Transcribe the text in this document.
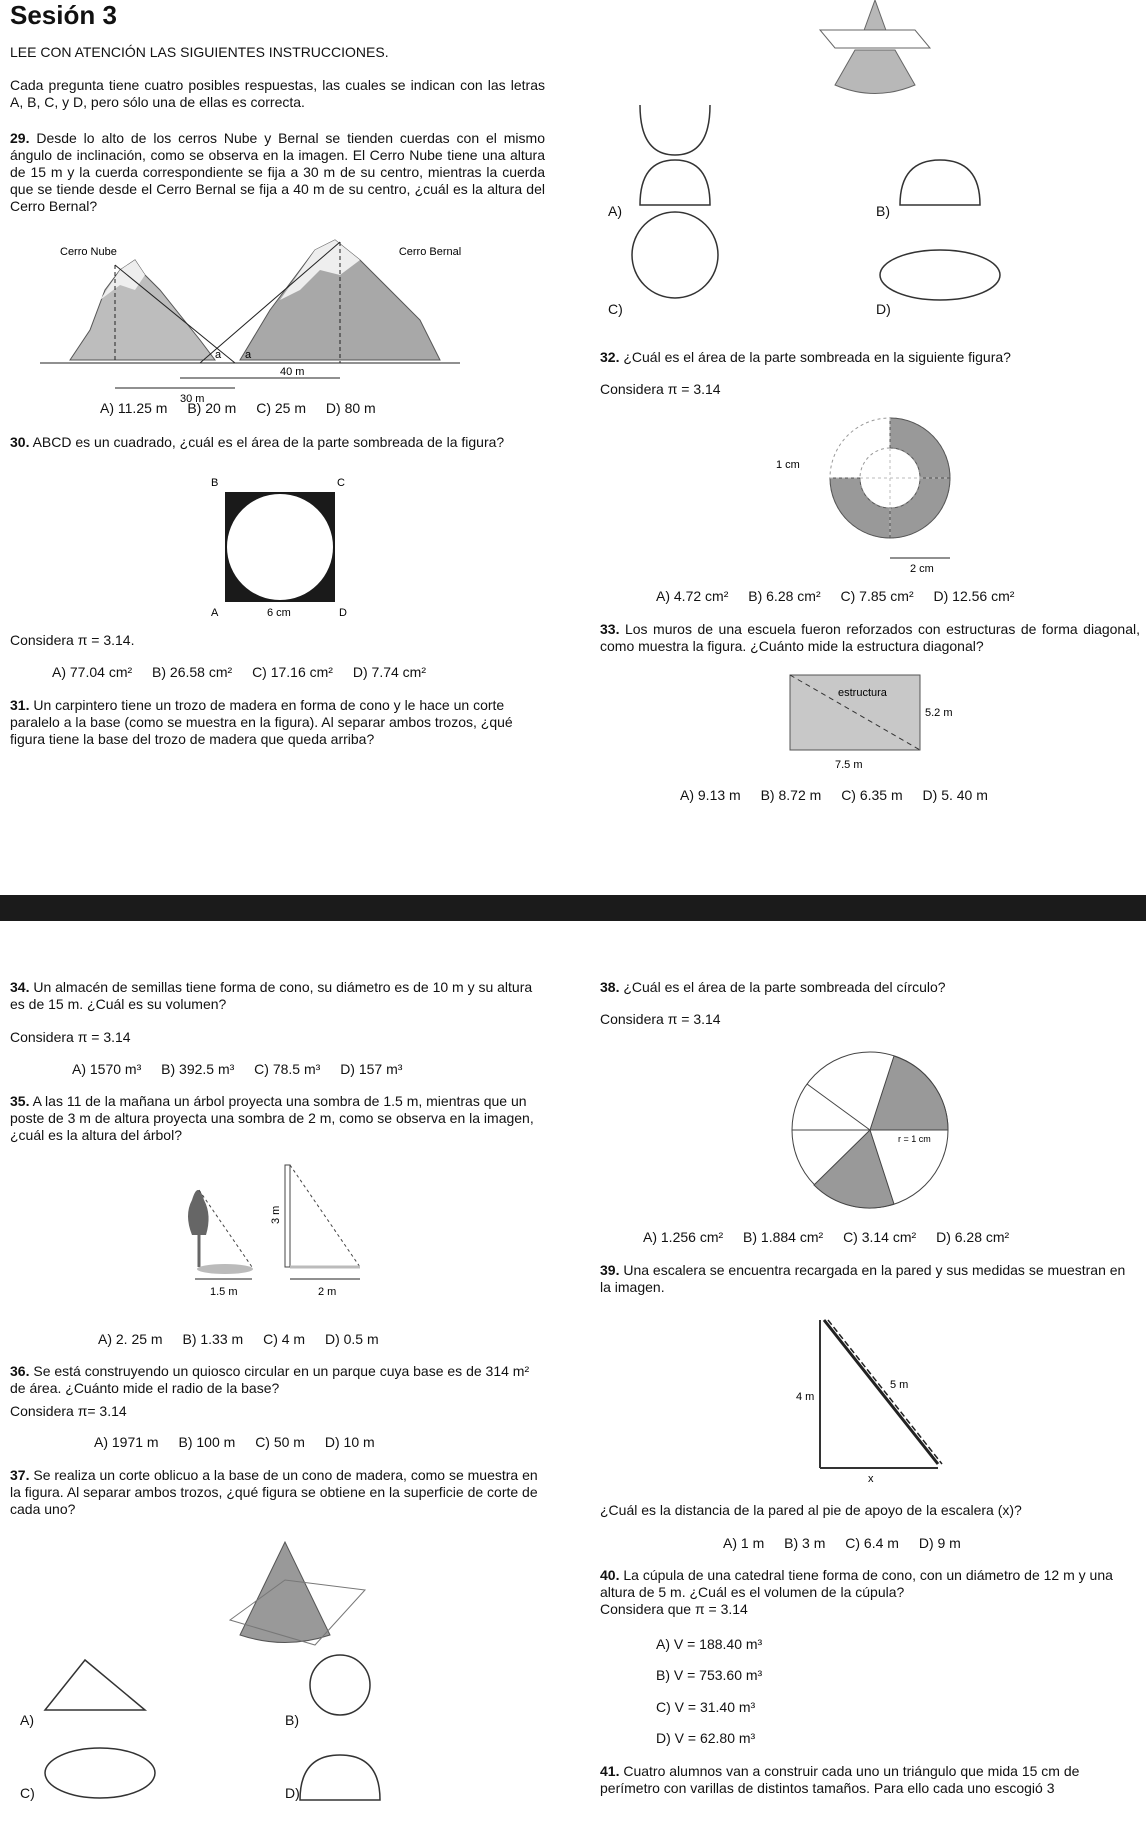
Sesión 3
LEE CON ATENCIÓN LAS SIGUIENTES INSTRUCCIONES.
Cada pregunta tiene cuatro posibles respuestas, las cuales se indican con las letras A, B, C, y D, pero sólo una de ellas es correcta.
29. Desde lo alto de los cerros Nube y Bernal se tienden cuerdas con el mismo ángulo de inclinación, como se observa en la imagen. El Cerro Nube tiene una altura de 15 m y la cuerda correspondiente se fija a 30 m de su centro, mientras la cuerda que se tiende desde el Cerro Bernal se fija a 40 m de su centro, ¿cuál es la altura del Cerro Bernal?
Cerro Nube	Cerro Bernal
a a
40 m
30 m
A) 11.25 m B) 20 m C) 25 m D) 80 m
30. ABCD es un cuadrado, ¿cuál es el área de la parte sombreada de la figura?
B	C
A	6 cm	D
Considera π = 3.14.
A) 77.04 cm² B) 26.58 cm² C) 17.16 cm² D) 7.74 cm²
31. Un carpintero tiene un trozo de madera en forma de cono y le hace un corte paralelo a la base (como se muestra en la figura). Al separar ambos trozos, ¿qué figura tiene la base del trozo de madera que queda arriba?
A)	B)
C)	D)
32. ¿Cuál es el área de la parte sombreada en la siguiente figura?
Considera π = 3.14
1 cm
2 cm
A) 4.72 cm² B) 6.28 cm² C) 7.85 cm² D) 12.56 cm²
33. Los muros de una escuela fueron reforzados con estructuras de forma diagonal, como muestra la figura. ¿Cuánto mide la estructura diagonal?
estructura
5.2 m
7.5 m
A) 9.13 m B) 8.72 m C) 6.35 m D) 5. 40 m
34. Un almacén de semillas tiene forma de cono, su diámetro es de 10 m y su altura es de 15 m. ¿Cuál es su volumen?
Considera π = 3.14
A) 1570 m³ B) 392.5 m³ C) 78.5 m³ D) 157 m³
35. A las 11 de la mañana un árbol proyecta una sombra de 1.5 m, mientras que un poste de 3 m de altura proyecta una sombra de 2 m, como se observa en la imagen, ¿cuál es la altura del árbol?
3 m
1.5 m	2 m
A) 2. 25 m B) 1.33 m C) 4 m D) 0.5 m
36. Se está construyendo un quiosco circular en un parque cuya base es de 314 m² de área. ¿Cuánto mide el radio de la base?
Considera π= 3.14
A) 1971 m B) 100 m C) 50 m D) 10 m
37. Se realiza un corte oblicuo a la base de un cono de madera, como se muestra en la figura. Al separar ambos trozos, ¿qué figura se obtiene en la superficie de corte de cada uno?
A)	B)
C)	D)
38. ¿Cuál es el área de la parte sombreada del círculo?
Considera π = 3.14
r = 1 cm
A) 1.256 cm² B) 1.884 cm² C) 3.14 cm² D) 6.28 cm²
39. Una escalera se encuentra recargada en la pared y sus medidas se muestran en la imagen.
4 m
5 m
x
¿Cuál es la distancia de la pared al pie de apoyo de la escalera (x)?
A) 1 m B) 3 m C) 6.4 m D) 9 m
40. La cúpula de una catedral tiene forma de cono, con un diámetro de 12 m y una altura de 5 m. ¿Cuál es el volumen de la cúpula?
Considera que π = 3.14
A) V = 188.40 m³
B) V = 753.60 m³
C) V = 31.40 m³
D) V = 62.80 m³
41. Cuatro alumnos van a construir cada uno un triángulo que mida 15 cm de perímetro con varillas de distintos tamaños. Para ello cada uno escogió 3
